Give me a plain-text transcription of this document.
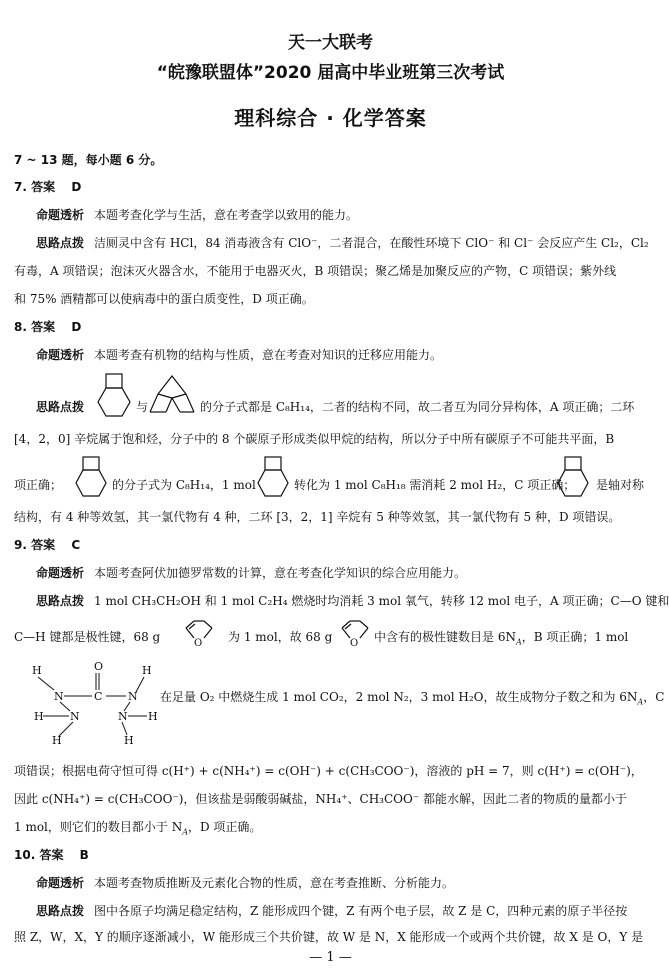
天一大联考
“皖豫联盟体”2020 届高中毕业班第三次考试
理科综合 · 化学答案
7 ~ 13 题，每小题 6 分。
7. 答案 D
命题透析 本题考查化学与生活，意在考查学以致用的能力。
思路点拨 洁厕灵中含有 HCl，84 消毒液含有 ClO⁻，二者混合，在酸性环境下 ClO⁻ 和 Cl⁻ 会反应产生 Cl₂，Cl₂
有毒，A 项错误；泡沫灭火器含水，不能用于电器灭火，B 项错误；聚乙烯是加聚反应的产物，C 项错误；紫外线
和 75% 酒精都可以使病毒中的蛋白质变性，D 项正确。
8. 答案 D
命题透析 本题考查有机物的结构与性质，意在考查对知识的迁移应用能力。
思路点拨	与	的分子式都是 C₈H₁₄，二者的结构不同，故二者互为同分异构体，A 项正确；二环
[4，2，0] 辛烷属于饱和烃，分子中的 8 个碳原子形成类似甲烷的结构，所以分子中所有碳原子不可能共平面，B
项正确；	的分子式为 C₈H₁₄，1 mol	转化为 1 mol C₈H₁₈ 需消耗 2 mol H₂，C 项正确； 是轴对称
结构，有 4 种等效氢，其一氯代物有 4 种，二环 [3，2，1] 辛烷有 5 种等效氢，其一氯代物有 5 种，D 项错误。
9. 答案 C
命题透析 本题考查阿伏加德罗常数的计算，意在考查化学知识的综合应用能力。
思路点拨 1 mol CH₃CH₂OH 和 1 mol C₂H₄ 燃烧时均消耗 3 mol 氧气，转移 12 mol 电子，A 项正确；C—O 键和
C—H 键都是极性键，68 g	O 为 1 mol，故 68 g O 中含有的极性键数目是 $6N_A$，B 项正确；1 mol
H	O	H
N	C N
H N	N H
H	H
在足量 O₂ 中燃烧生成 1 mol CO₂，2 mol N₂，3 mol H₂O，故生成物分子数之和为 $6N_A$，C
项错误；根据电荷守恒可得 c(H⁺) + c(NH₄⁺) = c(OH⁻) + c(CH₃COO⁻)，溶液的 pH = 7，则 c(H⁺) = c(OH⁻)，
因此 c(NH₄⁺) = c(CH₃COO⁻)，但该盐是弱酸弱碱盐，NH₄⁺、CH₃COO⁻ 都能水解，因此二者的物质的量都小于
1 mol，则它们的数目都小于 $N_A$，D 项正确。
10. 答案 B
命题透析 本题考查物质推断及元素化合物的性质，意在考查推断、分析能力。
思路点拨 图中各原子均满足稳定结构，Z 能形成四个键，Z 有两个电子层，故 Z 是 C，四种元素的原子半径按
照 Z，W，X，Y 的顺序逐渐减小，W 能形成三个共价键，故 W 是 N，X 能形成一个或两个共价键，故 X 是 O，Y 是
— 1 —
